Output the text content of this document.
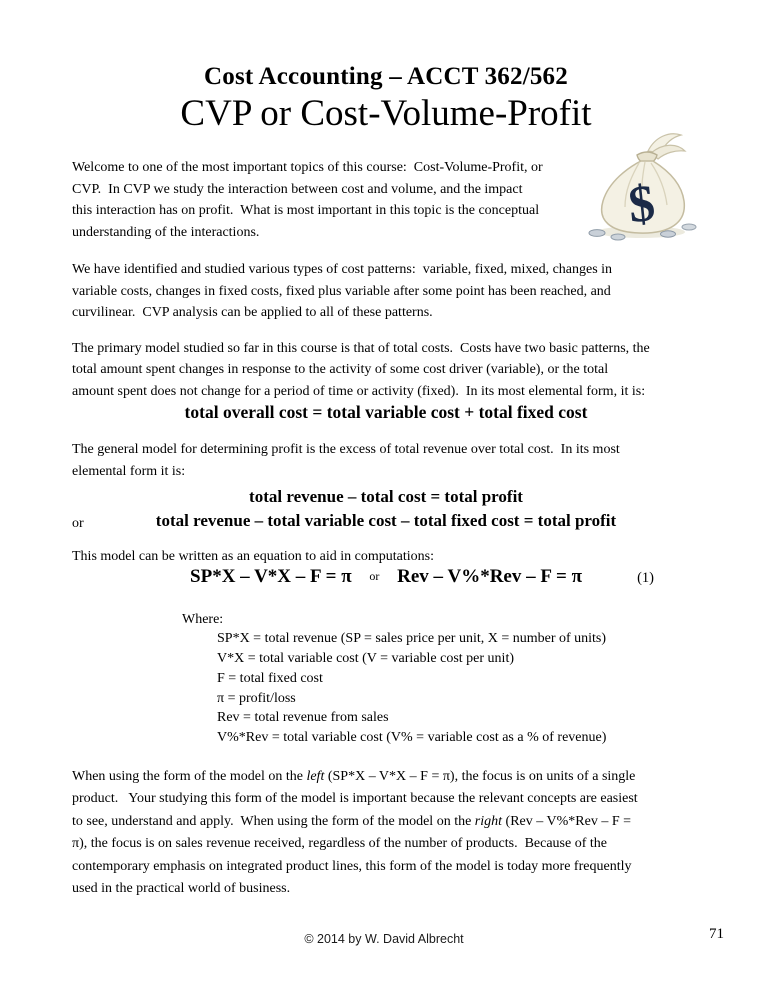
Cost Accounting – ACCT 362/562
CVP or Cost-Volume-Profit

Welcome to one of the most important topics of this course:  Cost-Volume-Profit, or
CVP.  In CVP we study the interaction between cost and volume, and the impact
this interaction has on profit.  What is most important in this topic is the conceptual
understanding of the interactions.

We have identified and studied various types of cost patterns:  variable, fixed, mixed, changes in
variable costs, changes in fixed costs, fixed plus variable after some point has been reached, and
curvilinear.  CVP analysis can be applied to all of these patterns.

The primary model studied so far in this course is that of total costs.  Costs have two basic patterns, the
total amount spent changes in response to the activity of some cost driver (variable), or the total
amount spent does not change for a period of time or activity (fixed).  In its most elemental form, it is:

total overall cost = total variable cost + total fixed cost

The general model for determining profit is the excess of total revenue over total cost.  In its most
elemental form it is:

total revenue – total cost = total profit
or	total revenue – total variable cost – total fixed cost = total profit

This model can be written as an equation to aid in computations:

SP*X – V*X – F = π or Rev – V%*Rev – F = π	(1)
Where:
SP*X = total revenue (SP = sales price per unit, X = number of units)
V*X = total variable cost (V = variable cost per unit)
F = total fixed cost
π = profit/loss
Rev = total revenue from sales
V%*Rev = total variable cost (V% = variable cost as a % of revenue)

When using the form of the model on the left (SP*X – V*X – F = π), the focus is on units of a single
product.   Your studying this form of the model is important because the relevant concepts are easiest
to see, understand and apply.  When using the form of the model on the right (Rev – V%*Rev – F =
π), the focus is on sales revenue received, regardless of the number of products.  Because of the
contemporary emphasis on integrated product lines, this form of the model is today more frequently
used in the practical world of business.

$
© 2014 by W. David Albrecht	71
